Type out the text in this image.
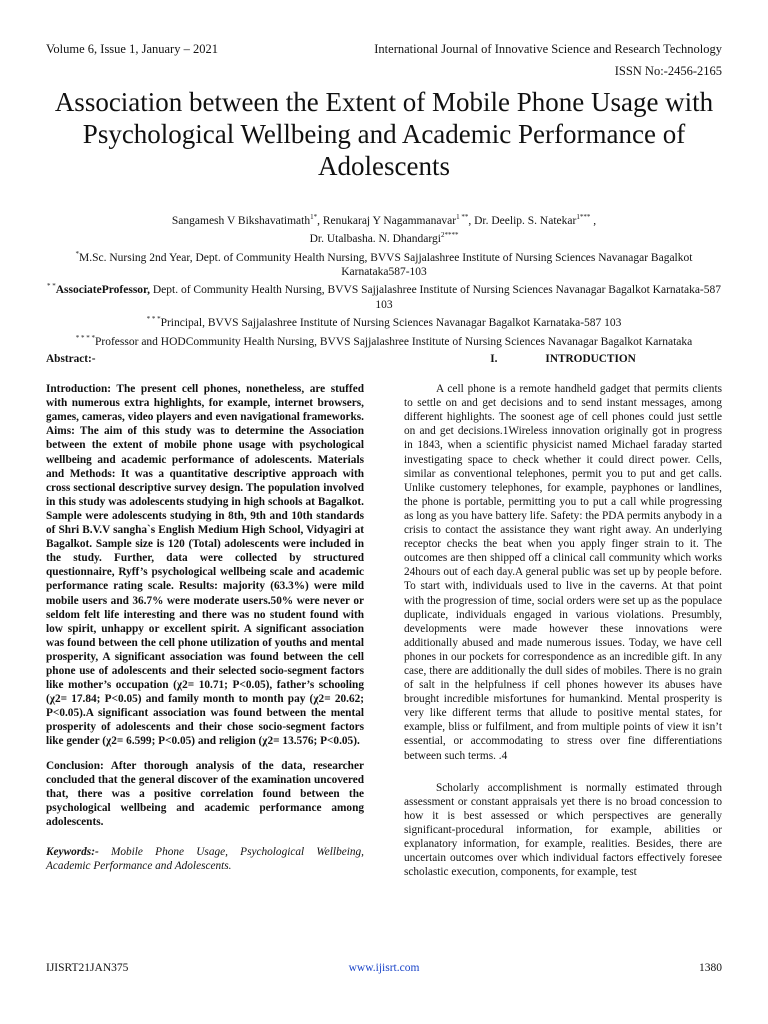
Volume 6, Issue 1, January – 2021	International Journal of Innovative Science and Research Technology
ISSN No:-2456-2165
Association between the Extent of Mobile Phone Usage with Psychological Wellbeing and Academic Performance of Adolescents

Sangamesh V Bikshavatimath$^{1*}$, Renukaraj Y Nagammanavar$^{1 **}$, Dr. Deelip. S. Natekar$^{1***}$ ,

Dr. Utalbasha. N. Dhandargi$^{2****}$

*M.Sc. Nursing 2nd Year, Dept. of Community Health Nursing, BVVS Sajjalashree Institute of Nursing Sciences Navanagar Bagalkot Karnataka587-103

* *AssociateProfessor, Dept. of Community Health Nursing, BVVS Sajjalashree Institute of Nursing Sciences Navanagar Bagalkot Karnataka-587 103

* * *Principal, BVVS Sajjalashree Institute of Nursing Sciences Navanagar Bagalkot Karnataka-587 103

* * * *Professor and HODCommunity Health Nursing, BVVS Sajjalashree Institute of Nursing Sciences Navanagar Bagalkot Karnataka

Abstract:-

Introduction: The present cell phones, nonetheless, are stuffed with numerous extra highlights, for example, internet browsers, games, cameras, video players and even navigational frameworks. Aims: The aim of this study was to determine the Association between the extent of mobile phone usage with psychological wellbeing and academic performance of adolescents. Materials and Methods: It was a quantitative descriptive approach with cross sectional descriptive survey design. The population involved in this study was adolescents studying in high schools at Bagalkot. Sample were adolescents studying in 8th, 9th and 10th standards of Shri B.V.V sangha`s English Medium High School, Vidyagiri at Bagalkot. Sample size is 120 (Total) adolescents were included in the study. Further, data were collected by structured questionnaire, Ryff’s psychological wellbeing scale and academic performance rating scale. Results: majority (63.3%) were mild mobile users and 36.7% were moderate users.50% were never or seldom felt life interesting and there was no student found with low spirit, unhappy or excellent spirit. A significant association was found between the cell phone utilization of youths and mental prosperity, A significant association was found between the cell phone use of adolescents and their selected socio-segment factors like mother’s occupation (χ2= 10.71; P<0.05), father’s schooling (χ2= 17.84; P<0.05) and family month to month pay (χ2= 20.62; P<0.05).A significant association was found between the mental prosperity of adolescents and their chose socio-segment factors like gender (χ2= 6.599; P<0.05) and religion (χ2= 13.576; P<0.05).

Conclusion: After thorough analysis of the data, researcher concluded that the general discover of the examination uncovered that, there was a positive correlation found between the psychological wellbeing and academic performance among adolescents.

Keywords:- Mobile Phone Usage, Psychological Wellbeing, Academic Performance and Adolescents.

I.	INTRODUCTION

A cell phone is a remote handheld gadget that permits clients to settle on and get decisions and to send instant messages, among different highlights. The soonest age of cell phones could just settle on and get decisions.1Wireless innovation originally got in progress in 1843, when a scientific physicist named Michael faraday started investigating space to check whether it could direct power. Cells, similar as conventional telephones, permit you to put and get calls. Unlike customery telephones, for example, payphones or landlines, the phone is portable, permitting you to put a call while progressing as long as you have battery life. Safety: the PDA permits anybody in a crisis to contact the assistance they want right away. An underlying receptor checks the beat when you apply finger strain to it. The outcomes are then shipped off a clinical call community which works 24hours out of each day.A general public was set up by people before. To start with, individuals used to live in the caverns. At that point with the progression of time, social orders were set up as the populace duplicate, individuals engaged in various violations. Presumbly, developments were made however these innovations were additionally abused and made numerous issues. Today, we have cell phones in our pockets for correspondence as an incredible gift. In any case, there are additionally the dull sides of mobiles. There is no grain of salt in the helpfulness if cell phones however its abuses have brought incredible misfortunes for humankind. Mental prosperity is very like different terms that allude to positive mental states, for example, bliss or fulfilment, and from multiple points of view it isn’t essential, or accommodating to stress over fine differentiations between such terms. .4

Scholarly accomplishment is normally estimated through assessment or constant appraisals yet there is no broad concession to how it is best assessed or which perspectives are generally significant-procedural information, for example, abilities or explanatory information, for example, realities. Besides, there are uncertain outcomes over which individual factors effectively foresee scholastic execution, components, for example, test

IJISRT21JAN375	www.ijisrt.com	1380
